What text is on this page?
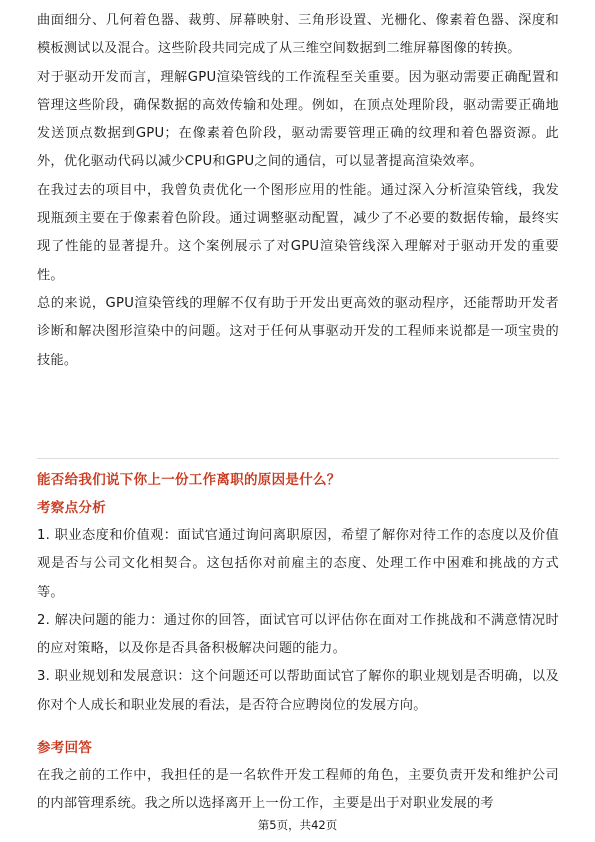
曲面细分、几何着色器、裁剪、屏幕映射、三角形设置、光栅化、像素着色器、深度和模板测试以及混合。这些阶段共同完成了从三维空间数据到二维屏幕图像的转换。

对于驱动开发而言，理解GPU渲染管线的工作流程至关重要。因为驱动需要正确配置和管理这些阶段，确保数据的高效传输和处理。例如，在顶点处理阶段，驱动需要正确地发送顶点数据到GPU；在像素着色阶段，驱动需要管理正确的纹理和着色器资源。此外，优化驱动代码以减少CPU和GPU之间的通信，可以显著提高渲染效率。

在我过去的项目中，我曾负责优化一个图形应用的性能。通过深入分析渲染管线，我发现瓶颈主要在于像素着色阶段。通过调整驱动配置，减少了不必要的数据传输，最终实现了性能的显著提升。这个案例展示了对GPU渲染管线深入理解对于驱动开发的重要性。

总的来说，GPU渲染管线的理解不仅有助于开发出更高效的驱动程序，还能帮助开发者诊断和解决图形渲染中的问题。这对于任何从事驱动开发的工程师来说都是一项宝贵的技能。

能否给我们说下你上一份工作离职的原因是什么？

考察点分析

1. 职业态度和价值观：面试官通过询问离职原因，希望了解你对待工作的态度以及价值观是否与公司文化相契合。这包括你对前雇主的态度、处理工作中困难和挑战的方式等。

2. 解决问题的能力：通过你的回答，面试官可以评估你在面对工作挑战和不满意情况时的应对策略，以及你是否具备积极解决问题的能力。

3. 职业规划和发展意识：这个问题还可以帮助面试官了解你的职业规划是否明确，以及你对个人成长和职业发展的看法，是否符合应聘岗位的发展方向。

参考回答

在我之前的工作中，我担任的是一名软件开发工程师的角色，主要负责开发和维护公司的内部管理系统。我之所以选择离开上一份工作，主要是出于对职业发展的考

第5页，共42页
